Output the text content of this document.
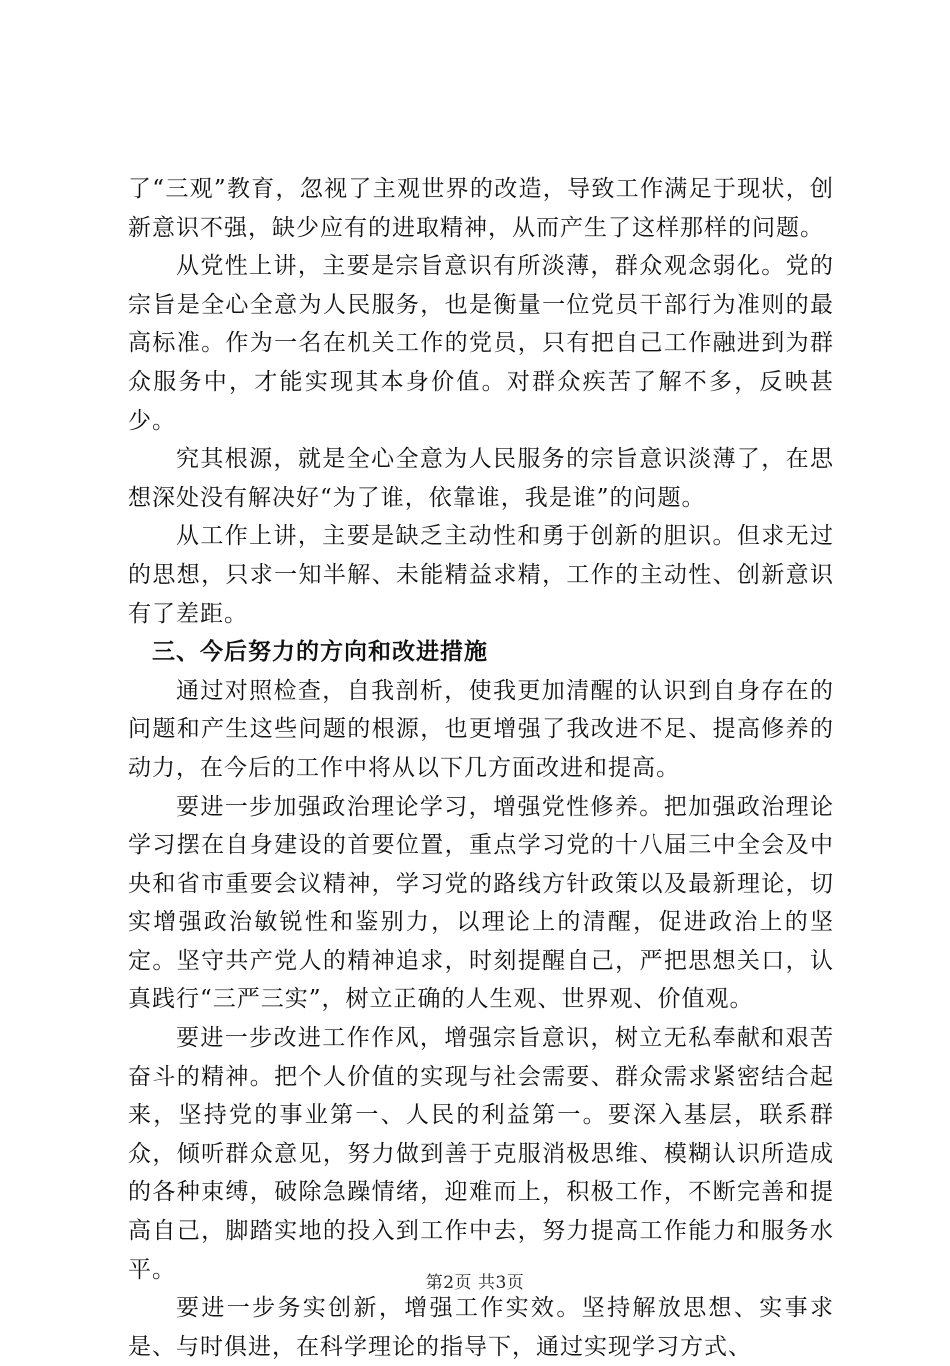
了“三观”教育，忽视了主观世界的改造，导致工作满足于现状，创新意识不强，缺少应有的进取精神，从而产生了这样那样的问题。

从党性上讲，主要是宗旨意识有所淡薄，群众观念弱化。党的宗旨是全心全意为人民服务，也是衡量一位党员干部行为准则的最高标准。作为一名在机关工作的党员，只有把自己工作融进到为群众服务中，才能实现其本身价值。对群众疾苦了解不多，反映甚少。

究其根源，就是全心全意为人民服务的宗旨意识淡薄了，在思想深处没有解决好“为了谁，依靠谁，我是谁”的问题。

从工作上讲，主要是缺乏主动性和勇于创新的胆识。但求无过的思想，只求一知半解、未能精益求精，工作的主动性、创新意识有了差距。

三、今后努力的方向和改进措施

通过对照检查，自我剖析，使我更加清醒的认识到自身存在的问题和产生这些问题的根源，也更增强了我改进不足、提高修养的动力，在今后的工作中将从以下几方面改进和提高。

要进一步加强政治理论学习，增强党性修养。把加强政治理论学习摆在自身建设的首要位置，重点学习党的十八届三中全会及中央和省市重要会议精神，学习党的路线方针政策以及最新理论，切实增强政治敏锐性和鉴别力，以理论上的清醒，促进政治上的坚定。坚守共产党人的精神追求，时刻提醒自己，严把思想关口，认真践行“三严三实”，树立正确的人生观、世界观、价值观。

要进一步改进工作作风，增强宗旨意识，树立无私奉献和艰苦奋斗的精神。把个人价值的实现与社会需要、群众需求紧密结合起来，坚持党的事业第一、人民的利益第一。要深入基层，联系群众，倾听群众意见，努力做到善于克服消极思维、模糊认识所造成的各种束缚，破除急躁情绪，迎难而上，积极工作，不断完善和提高自己，脚踏实地的投入到工作中去，努力提高工作能力和服务水平。

要进一步务实创新，增强工作实效。坚持解放思想、实事求是、与时俱进，在科学理论的指导下，通过实现学习方式、

第2页 共3页
